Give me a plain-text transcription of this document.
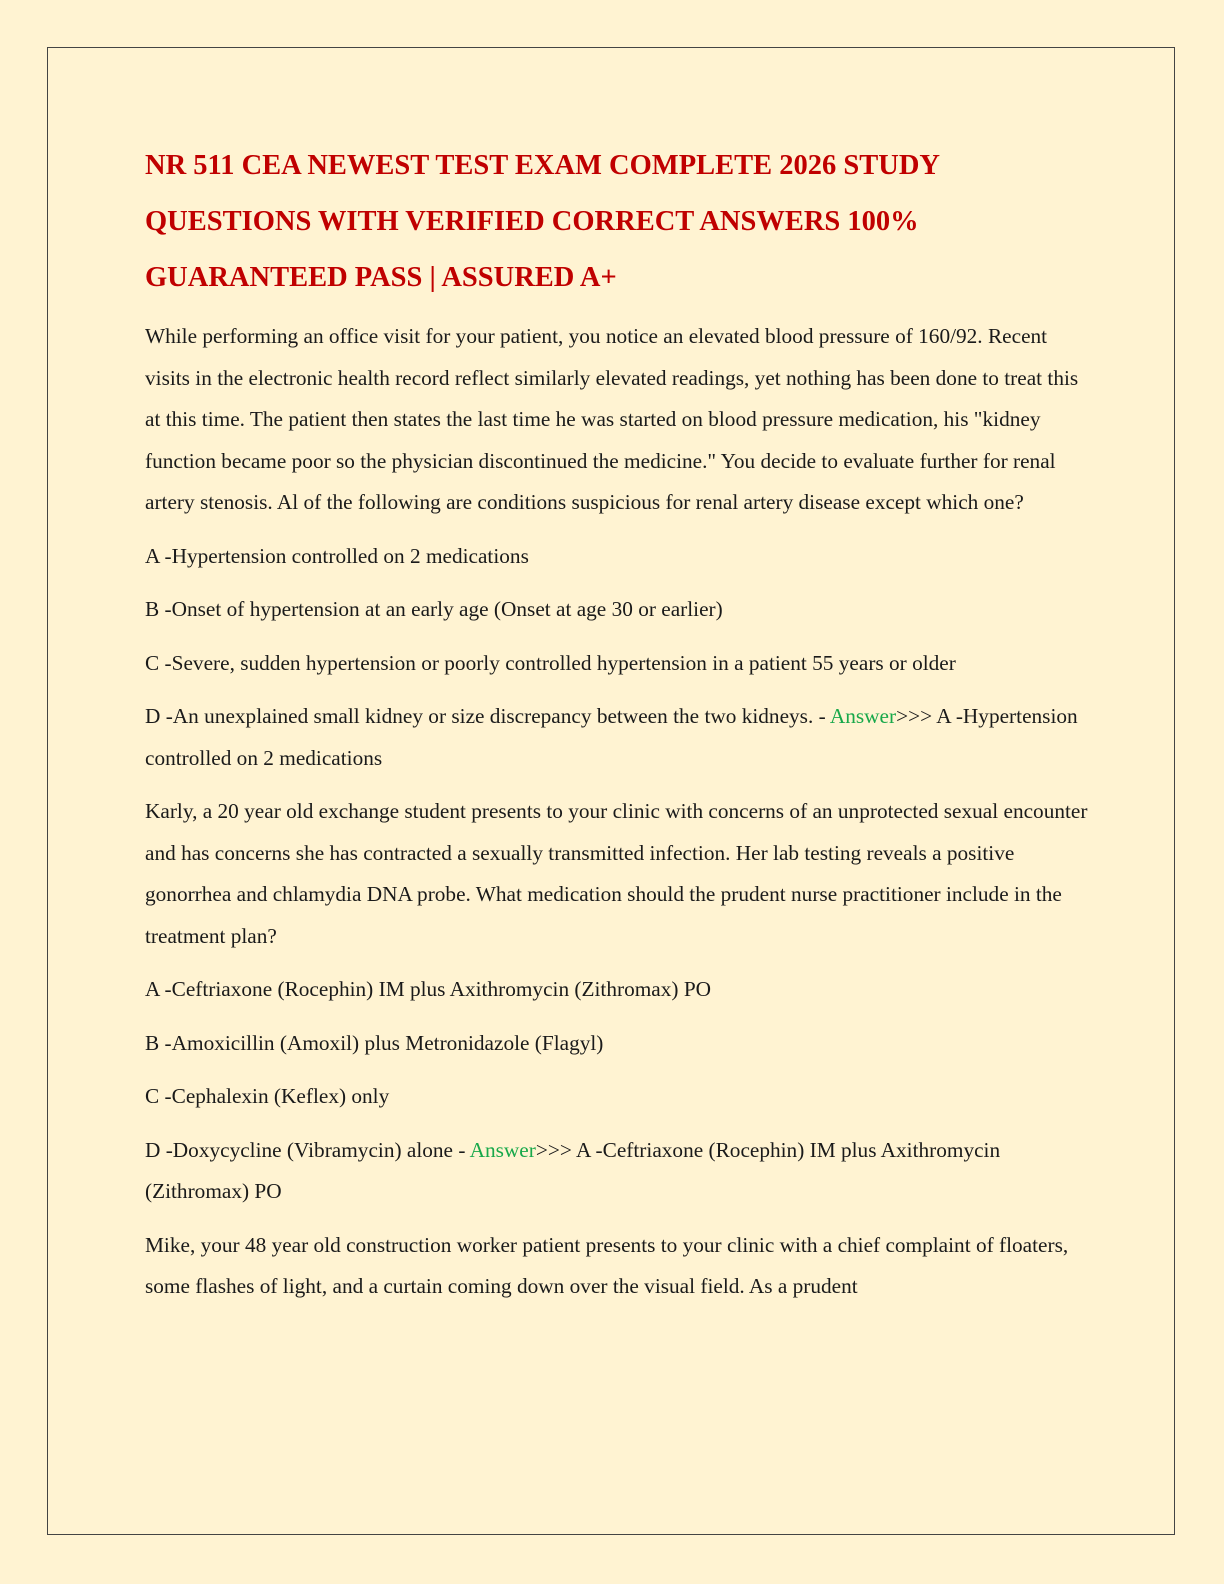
NR 511 CEA NEWEST TEST EXAM COMPLETE 2026 STUDY QUESTIONS WITH VERIFIED CORRECT ANSWERS 100% GUARANTEED PASS | ASSURED A+

While performing an office visit for your patient, you notice an elevated blood pressure of 160/92. Recent visits in the electronic health record reflect similarly elevated readings, yet nothing has been done to treat this at this time. The patient then states the last time he was started on blood pressure medication, his "kidney function became poor so the physician discontinued the medicine." You decide to evaluate further for renal artery stenosis. Al of the following are conditions suspicious for renal artery disease except which one?

A -Hypertension controlled on 2 medications

B -Onset of hypertension at an early age (Onset at age 30 or earlier)

C -Severe, sudden hypertension or poorly controlled hypertension in a patient 55 years or older

D -An unexplained small kidney or size discrepancy between the two kidneys. - Answer>>> A -Hypertension controlled on 2 medications

Karly, a 20 year old exchange student presents to your clinic with concerns of an unprotected sexual encounter and has concerns she has contracted a sexually transmitted infection. Her lab testing reveals a positive gonorrhea and chlamydia DNA probe. What medication should the prudent nurse practitioner include in the treatment plan?

A -Ceftriaxone (Rocephin) IM plus Axithromycin (Zithromax) PO

B -Amoxicillin (Amoxil) plus Metronidazole (Flagyl)

C -Cephalexin (Keflex) only

D -Doxycycline (Vibramycin) alone - Answer>>> A -Ceftriaxone (Rocephin) IM plus Axithromycin (Zithromax) PO

Mike, your 48 year old construction worker patient presents to your clinic with a chief complaint of floaters, some flashes of light, and a curtain coming down over the visual field. As a prudent
